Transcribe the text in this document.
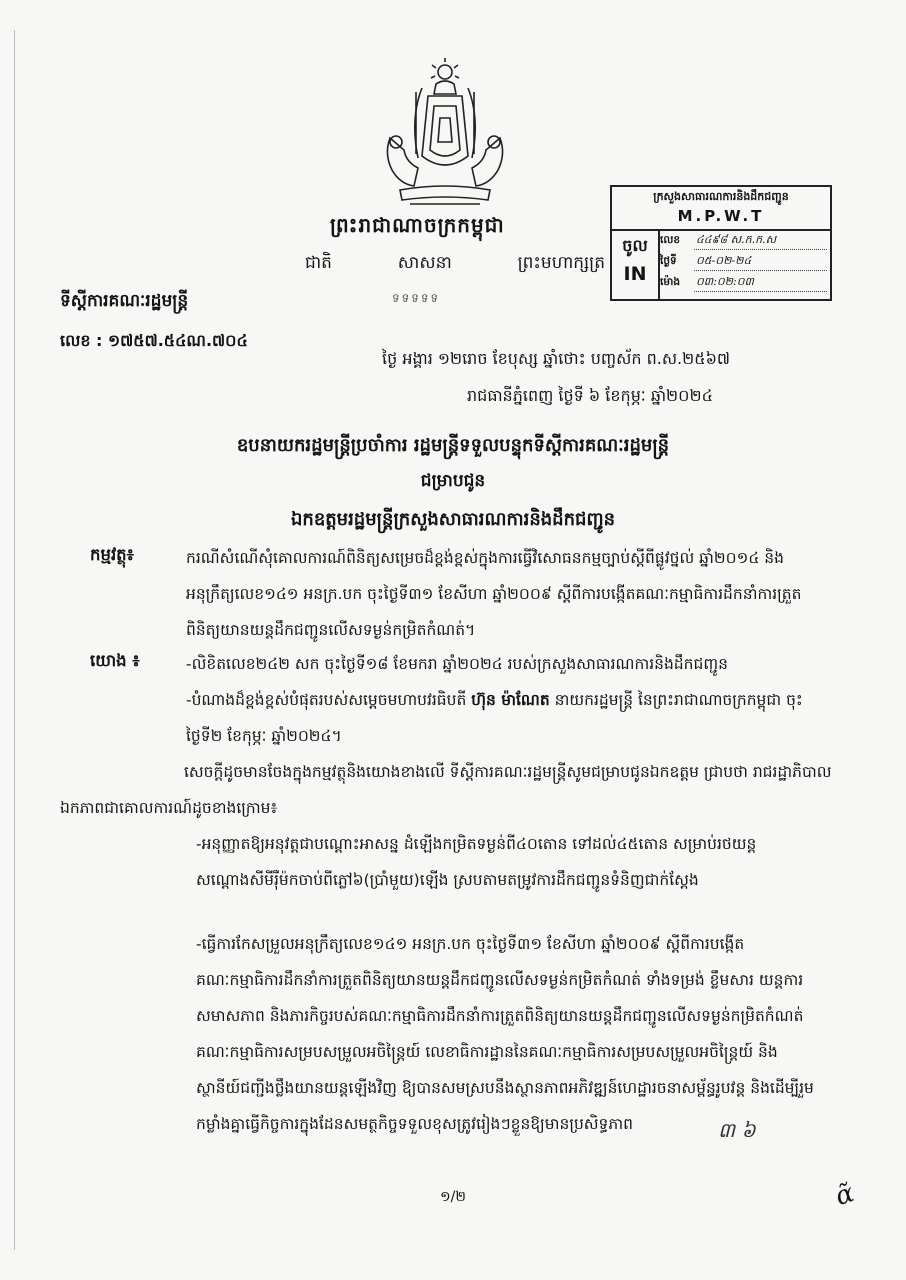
ព្រះរាជាណាចក្រកម្ពុជា
ជាតិ	សាសនា	ព្រះមហាក្សត្រ
ទទទទទ
ទីស្តីការគណៈរដ្ឋមន្ត្រី
លេខ : ១៧៥៧.៥៤ណ.៧០៤
ក្រសួងសាធារណការនិងដឹកជញ្ជូន
M.P.W.T
ចូល
IN
លេខ	៤៤៩៨ ស.ក.ក.ស
ថ្ងៃទី	០៥-០២-២៤
ម៉ោង	០៣:០២:០៣
ថ្ងៃ អង្គារ ១២រោច ខែបុស្ស ឆ្នាំថោះ បញ្ចស័ក ព.ស.២៥៦៧
រាជធានីភ្នំពេញ ថ្ងៃទី ៦ ខែកុម្ភៈ ឆ្នាំ២០២៤
ឧបនាយករដ្ឋមន្ត្រីប្រចាំការ រដ្ឋមន្ត្រីទទួលបន្ទុកទីស្តីការគណៈរដ្ឋមន្ត្រី
ជម្រាបជូន
ឯកឧត្តមរដ្ឋមន្ត្រីក្រសួងសាធារណការនិងដឹកជញ្ជូន
កម្មវត្ថុ៖	ករណីសំណើសុំគោលការណ៍ពិនិត្យសម្រេចដ៏ខ្ពង់ខ្ពស់ក្នុងការធ្វើវិសោធនកម្មច្បាប់ស្តីពីផ្លូវថ្នល់ ឆ្នាំ២០១៤ និងអនុក្រឹត្យលេខ១៤១ អនក្រ.បក ចុះថ្ងៃទី៣១ ខែសីហា ឆ្នាំ២០០៩ ស្តីពីការបង្កើតគណៈកម្មាធិការដឹកនាំការត្រួតពិនិត្យយានយន្តដឹកជញ្ជូនលើសទម្ងន់កម្រិតកំណត់។
យោង ៖	-លិខិតលេខ២៤២ សក ចុះថ្ងៃទី១៨ ខែមករា ឆ្នាំ២០២៤ របស់ក្រសួងសាធារណការនិងដឹកជញ្ជូន
-បំណាងដ៏ខ្ពង់ខ្ពស់បំផុតរបស់សម្តេចមហាបវរធិបតី ហ៊ុន ម៉ាណែត នាយករដ្ឋមន្ត្រី នៃព្រះរាជាណាចក្រកម្ពុជា ចុះថ្ងៃទី២ ខែកុម្ភៈ ឆ្នាំ២០២៤។
សេចក្តីដូចមានចែងក្នុងកម្មវត្ថុនិងយោងខាងលើ ទីស្តីការគណៈរដ្ឋមន្ត្រីសូមជម្រាបជូនឯកឧត្តម ជ្រាបថា រាជរដ្ឋាភិបាលឯកភាពជាគោលការណ៍ដូចខាងក្រោម៖
-អនុញ្ញាតឱ្យអនុវត្តជាបណ្តោះអាសន្ន ដំឡើងកម្រិតទម្ងន់ពី៤០តោន ទៅដល់៤៥តោន សម្រាប់រថយន្តសណ្តោងសីមីរ៉ឺម៉កចាប់ពីភ្លៅ៦(ប្រាំមួយ)ឡើង ស្របតាមតម្រូវការដឹកជញ្ជូនទំនិញជាក់ស្តែង
-ធ្វើការកែសម្រួលអនុក្រឹត្យលេខ១៤១ អនក្រ.បក ចុះថ្ងៃទី៣១ ខែសីហា ឆ្នាំ២០០៩ ស្តីពីការបង្កើតគណៈកម្មាធិការដឹកនាំការត្រួតពិនិត្យយានយន្តដឹកជញ្ជូនលើសទម្ងន់កម្រិតកំណត់ ទាំងទម្រង់ ខ្លឹមសារ យន្តការ សមាសភាព និងភារកិច្ចរបស់គណៈកម្មាធិការដឹកនាំការត្រួតពិនិត្យយានយន្តដឹកជញ្ជូនលើសទម្ងន់កម្រិតកំណត់ គណៈកម្មាធិការសម្របសម្រួលអចិន្ត្រៃយ៍ លេខាធិការដ្ឋាននៃគណៈកម្មាធិការសម្របសម្រួលអចិន្ត្រៃយ៍ និងស្ថានីយ៍ជញ្ជីងថ្លឹងយានយន្តឡើងវិញ ឱ្យបានសមស្របនឹងស្ថានភាពអភិវឌ្ឍន៍ហេដ្ឋារចនាសម្ព័ន្ធរូបវន្ត និងដើម្បីរួមកម្លាំងគ្នាធ្វើកិច្ចការក្នុងដែនសមត្ថកិច្ចទទួលខុសត្រូវរៀងៗខ្លួនឱ្យមានប្រសិទ្ធភាព	៣ ៦
១/២	ɑ̃
